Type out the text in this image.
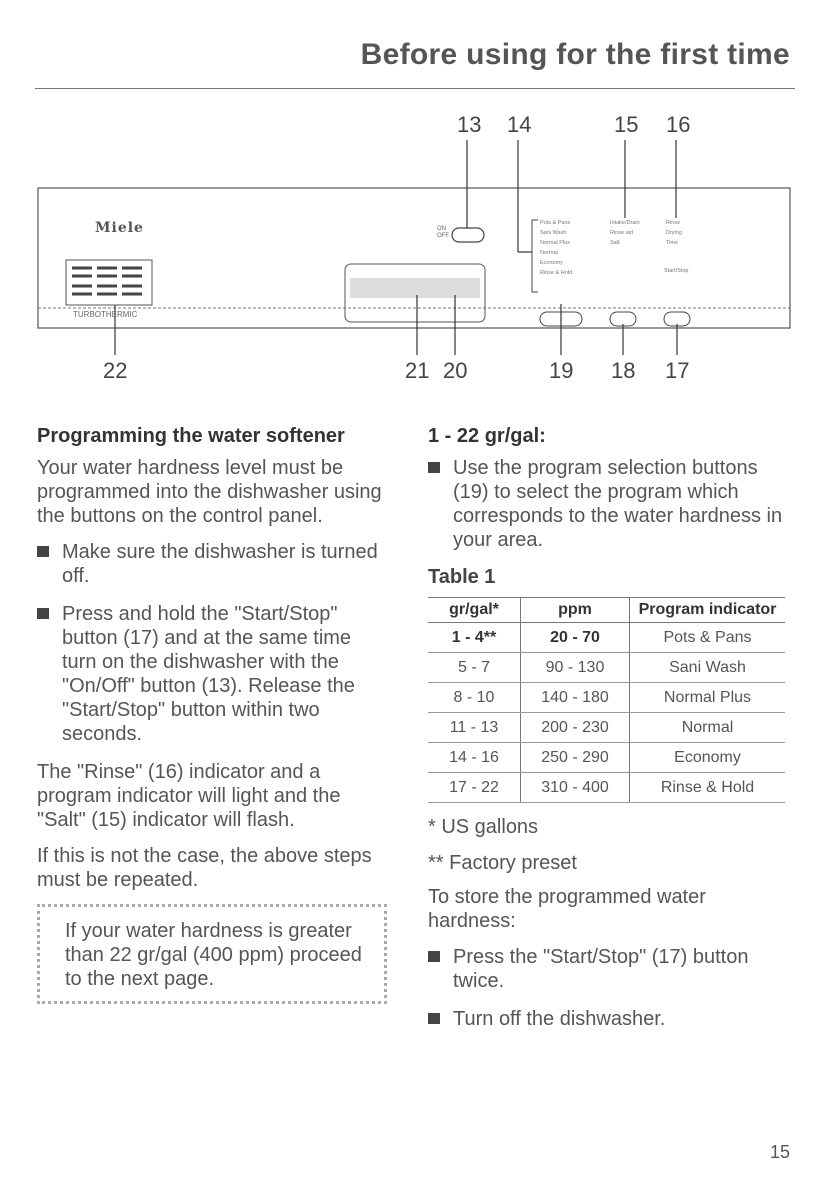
Before using for the first time
Miele
TURBOTHERMIC
ON OFF
Pots & Pans
Sani Wash
Normal Plus
Normal
Economy
Rinse & Hold
Intake/Drain
Rinse aid
Salt
Rinse
Drying
Time
Start/Stop
13 14	15 16
22	21 20	19 18 17
Programming the water softener

Your water hardness level must be programmed into the dishwasher using the buttons on the control panel.

Make sure the dishwasher is turned off.
Press and hold the "Start/Stop" button (17) and at the same time turn on the dishwasher with the "On/Off" button (13). Release the "Start/Stop" button within two seconds.

The "Rinse" (16) indicator and a program indicator will light and the "Salt" (15) indicator will flash.

If this is not the case, the above steps must be repeated.

If your water hardness is greater than 22 gr/gal (400 ppm) proceed to the next page.
1 - 22 gr/gal:
Use the program selection buttons (19) to select the program which corresponds to the water hardness in your area.
Table 1
gr/gal*	ppm	Program indicator
1 - 4**	20 - 70	Pots & Pans
5 - 7	90 - 130	Sani Wash
8 - 10	140 - 180	Normal Plus
11 - 13	200 - 230	Normal
14 - 16	250 - 290	Economy
17 - 22	310 - 400	Rinse & Hold
* US gallons
** Factory preset

To store the programmed water hardness:

Press the "Start/Stop" (17) button twice.
Turn off the dishwasher.
15
